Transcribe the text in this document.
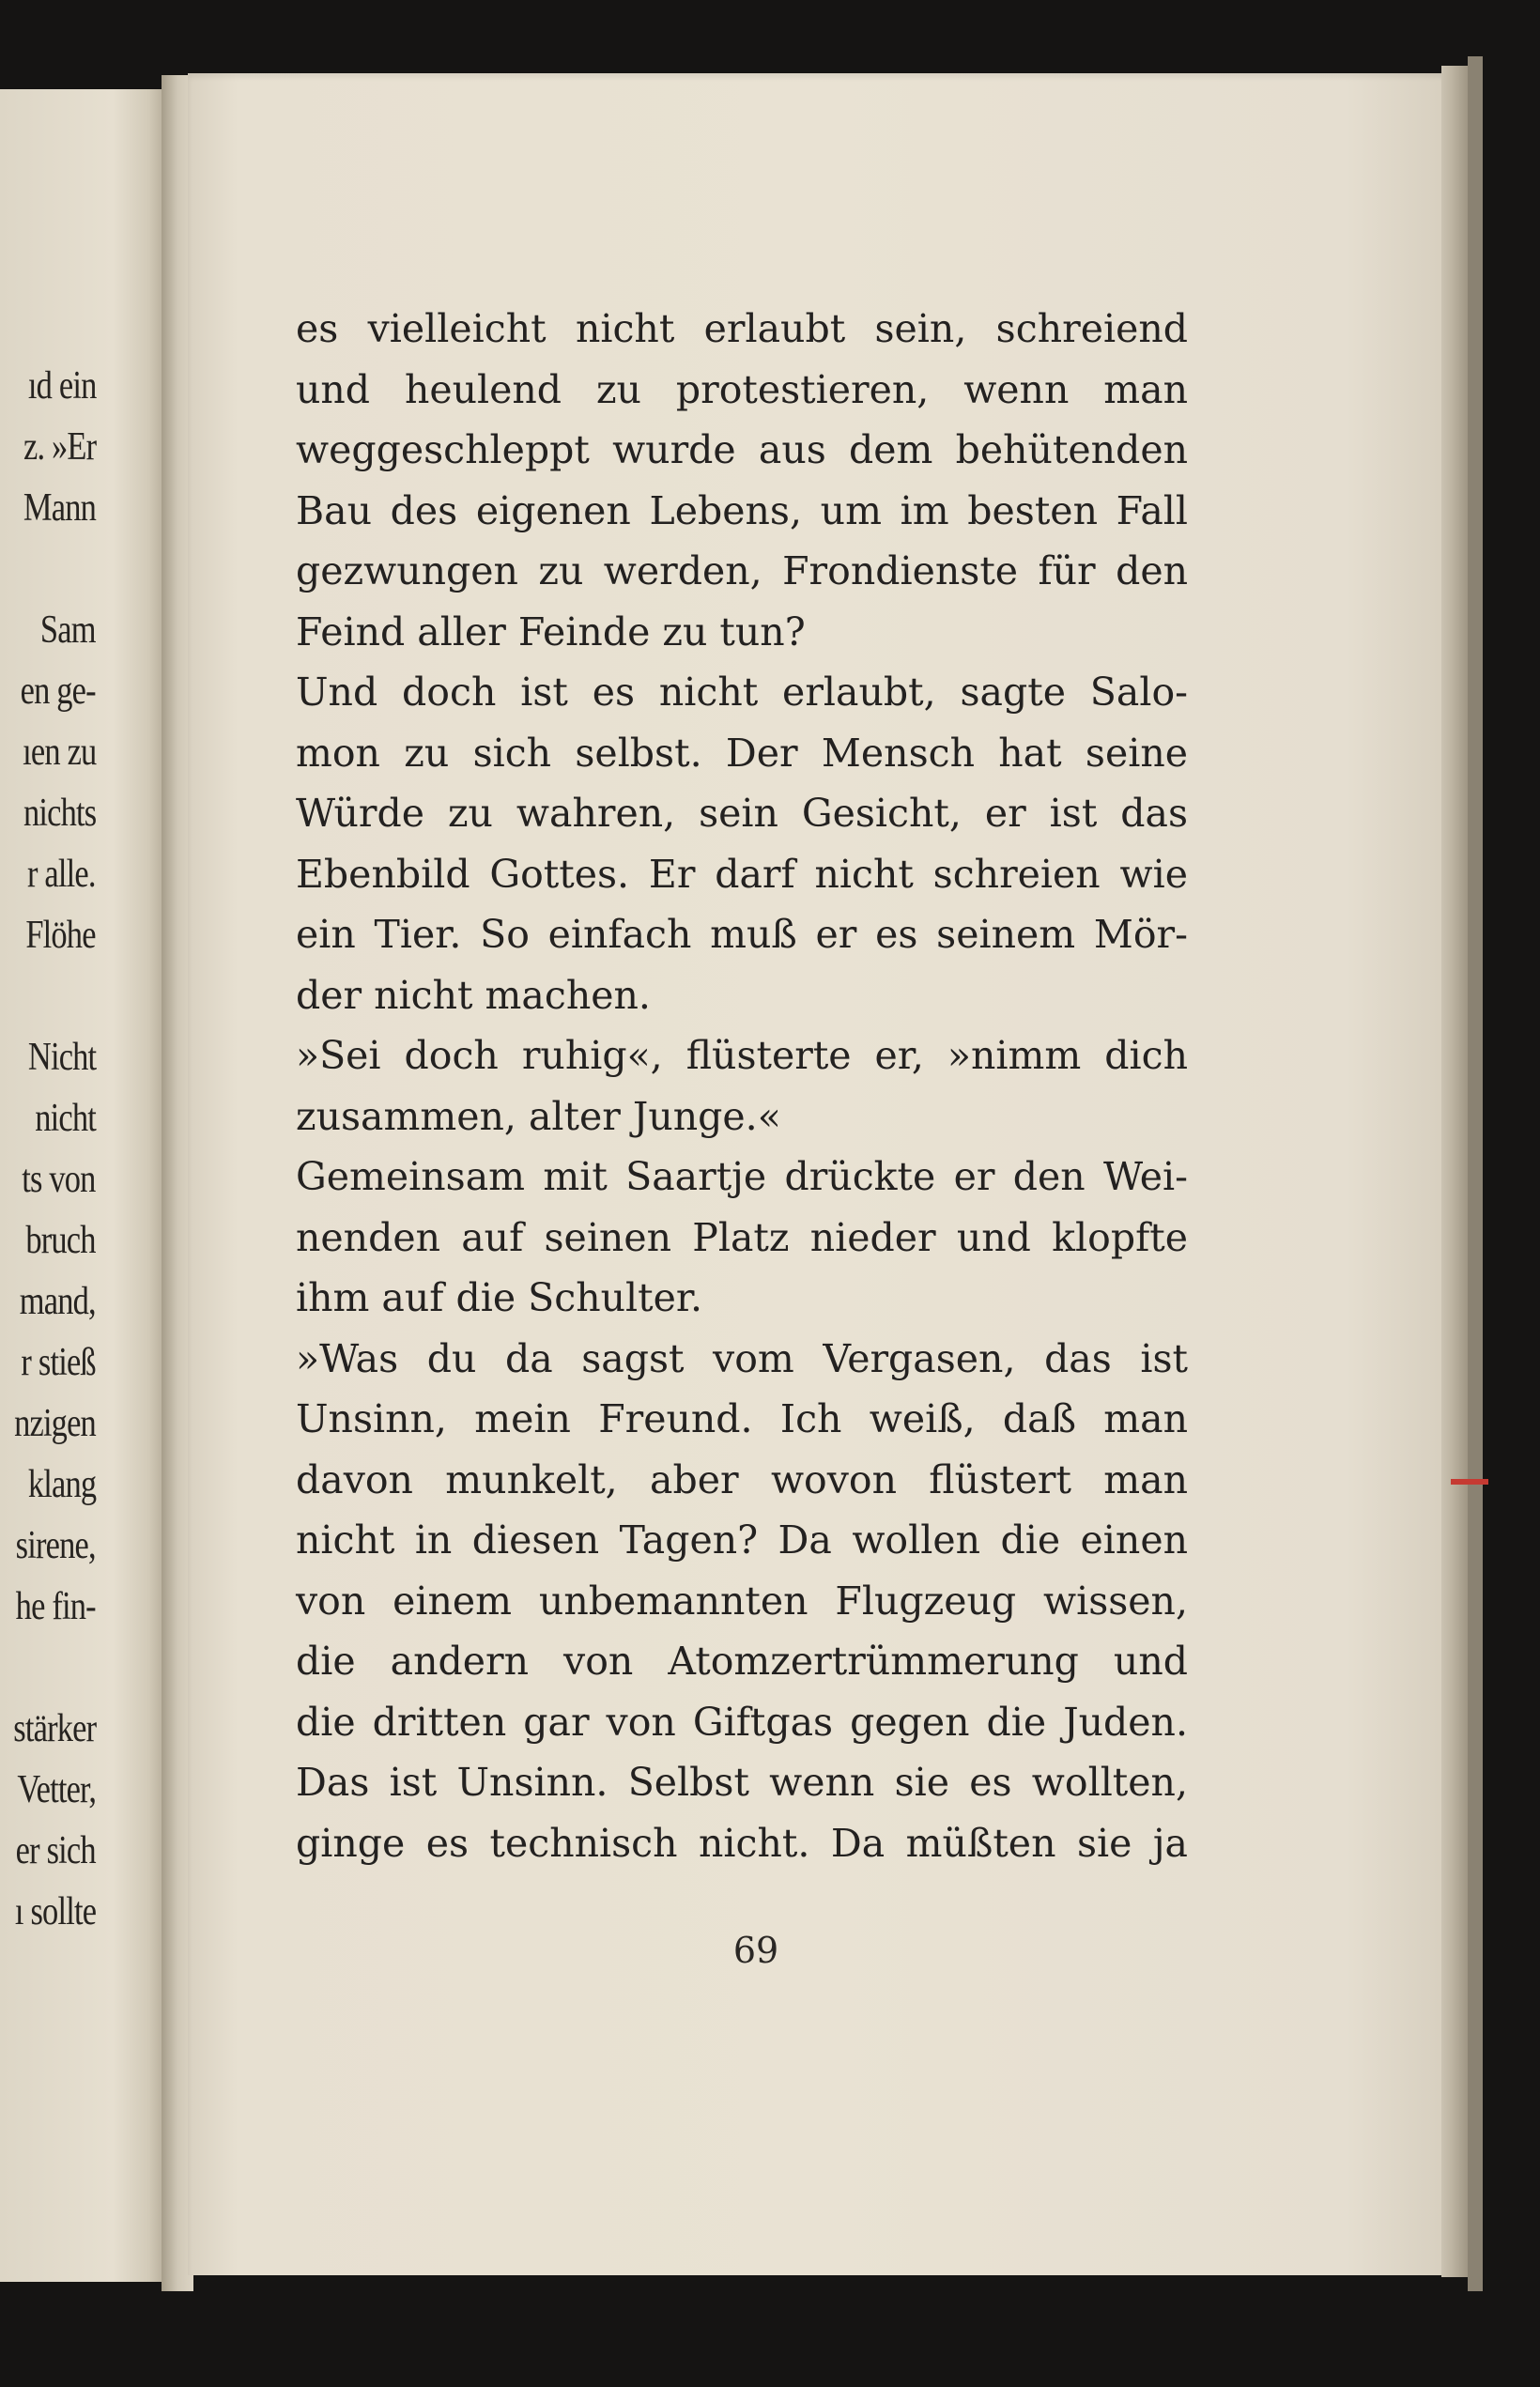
ıd ein
z. »Er
Mann
Sam
en ge-
ıen zu
nichts
r alle.
Flöhe
Nicht
nicht
ts von
bruch
mand,
r stieß
nzigen
klang
sirene,
he fin-
stärker
Vetter,
er sich
ı sollte
es vielleicht nicht erlaubt sein, schreiend
und heulend zu protestieren, wenn man
weggeschleppt wurde aus dem behütenden
Bau des eigenen Lebens, um im besten Fall
gezwungen zu werden, Frondienste für den
Feind aller Feinde zu tun?
Und doch ist es nicht erlaubt, sagte Salo-
mon zu sich selbst. Der Mensch hat seine
Würde zu wahren, sein Gesicht, er ist das
Ebenbild Gottes. Er darf nicht schreien wie
ein Tier. So einfach muß er es seinem Mör-
der nicht machen.
»Sei doch ruhig«, flüsterte er, »nimm dich
zusammen, alter Junge.«
Gemeinsam mit Saartje drückte er den Wei-
nenden auf seinen Platz nieder und klopfte
ihm auf die Schulter.
»Was du da sagst vom Vergasen, das ist
Unsinn, mein Freund. Ich weiß, daß man
davon munkelt, aber wovon flüstert man
nicht in diesen Tagen? Da wollen die einen
von einem unbemannten Flugzeug wissen,
die andern von Atomzertrümmerung und
die dritten gar von Giftgas gegen die Juden.
Das ist Unsinn. Selbst wenn sie es wollten,
ginge es technisch nicht. Da müßten sie ja
69
